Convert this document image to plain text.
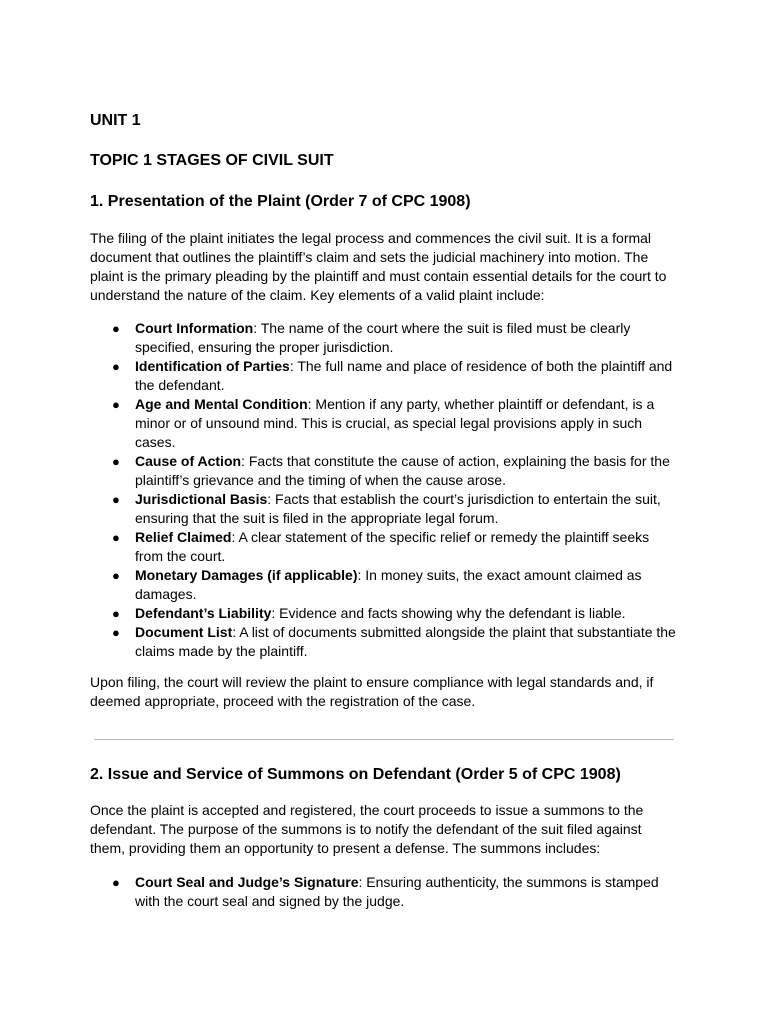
UNIT 1
TOPIC 1 STAGES OF CIVIL SUIT
1. Presentation of the Plaint (Order 7 of CPC 1908)

The filing of the plaint initiates the legal process and commences the civil suit. It is a formal document that outlines the plaintiff’s claim and sets the judicial machinery into motion. The plaint is the primary pleading by the plaintiff and must contain essential details for the court to understand the nature of the claim. Key elements of a valid plaint include:

● Court Information: The name of the court where the suit is filed must be clearly specified, ensuring the proper jurisdiction.
● Identification of Parties: The full name and place of residence of both the plaintiff and the defendant.
● Age and Mental Condition: Mention if any party, whether plaintiff or defendant, is a minor or of unsound mind. This is crucial, as special legal provisions apply in such cases.
● Cause of Action: Facts that constitute the cause of action, explaining the basis for the plaintiff’s grievance and the timing of when the cause arose.
● Jurisdictional Basis: Facts that establish the court’s jurisdiction to entertain the suit, ensuring that the suit is filed in the appropriate legal forum.
● Relief Claimed: A clear statement of the specific relief or remedy the plaintiff seeks from the court.
● Monetary Damages (if applicable): In money suits, the exact amount claimed as damages.
● Defendant’s Liability: Evidence and facts showing why the defendant is liable.
● Document List: A list of documents submitted alongside the plaint that substantiate the claims made by the plaintiff.

Upon filing, the court will review the plaint to ensure compliance with legal standards and, if deemed appropriate, proceed with the registration of the case.

2. Issue and Service of Summons on Defendant (Order 5 of CPC 1908)

Once the plaint is accepted and registered, the court proceeds to issue a summons to the defendant. The purpose of the summons is to notify the defendant of the suit filed against them, providing them an opportunity to present a defense. The summons includes:

● Court Seal and Judge’s Signature: Ensuring authenticity, the summons is stamped with the court seal and signed by the judge.
